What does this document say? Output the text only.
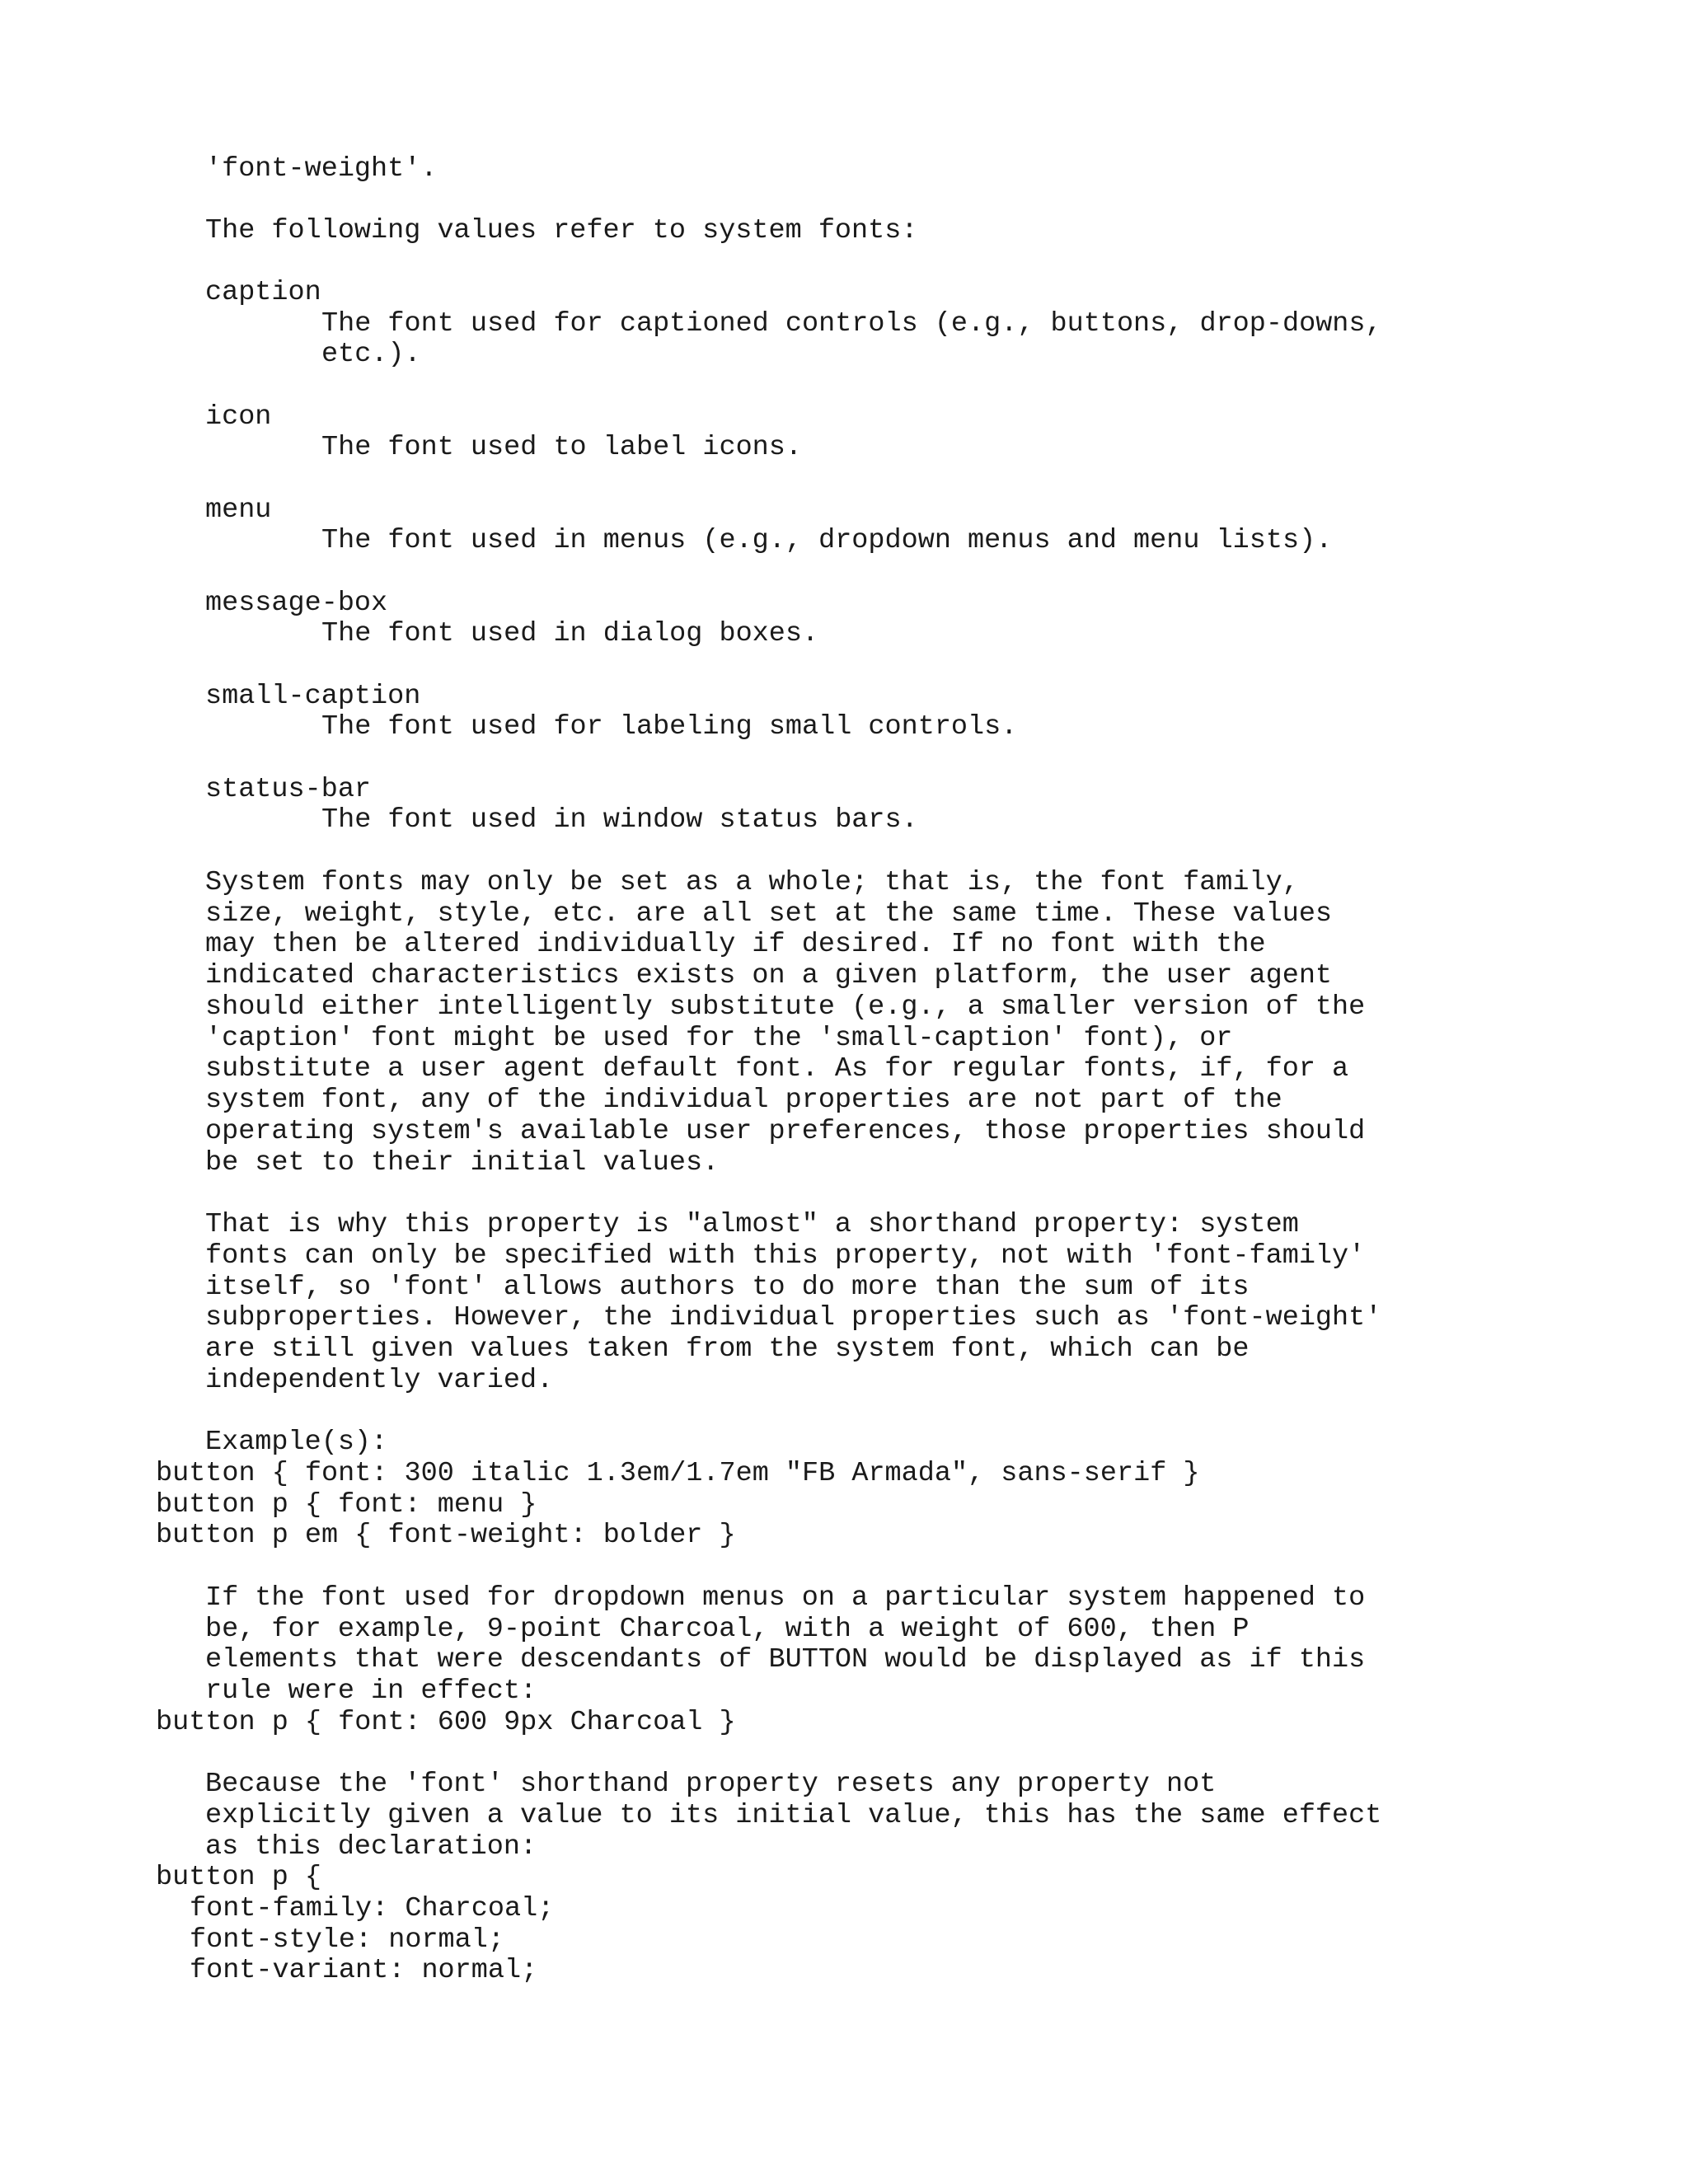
'font-weight'.
The following values refer to system fonts:
caption
The font used for captioned controls (e.g., buttons, drop-downs,
etc.).
icon
The font used to label icons.
menu
The font used in menus (e.g., dropdown menus and menu lists).
message-box
The font used in dialog boxes.
small-caption
The font used for labeling small controls.
status-bar
The font used in window status bars.
System fonts may only be set as a whole; that is, the font family,
size, weight, style, etc. are all set at the same time. These values
may then be altered individually if desired. If no font with the
indicated characteristics exists on a given platform, the user agent
should either intelligently substitute (e.g., a smaller version of the
'caption' font might be used for the 'small-caption' font), or
substitute a user agent default font. As for regular fonts, if, for a
system font, any of the individual properties are not part of the
operating system's available user preferences, those properties should
be set to their initial values.
That is why this property is "almost" a shorthand property: system
fonts can only be specified with this property, not with 'font-family'
itself, so 'font' allows authors to do more than the sum of its
subproperties. However, the individual properties such as 'font-weight'
are still given values taken from the system font, which can be
independently varied.
Example(s):
button { font: 300 italic 1.3em/1.7em "FB Armada", sans-serif }
button p { font: menu }
button p em { font-weight: bolder }
If the font used for dropdown menus on a particular system happened to
be, for example, 9-point Charcoal, with a weight of 600, then P
elements that were descendants of BUTTON would be displayed as if this
rule were in effect:
button p { font: 600 9px Charcoal }
Because the 'font' shorthand property resets any property not
explicitly given a value to its initial value, this has the same effect
as this declaration:
button p {
font-family: Charcoal;
font-style: normal;
font-variant: normal;
